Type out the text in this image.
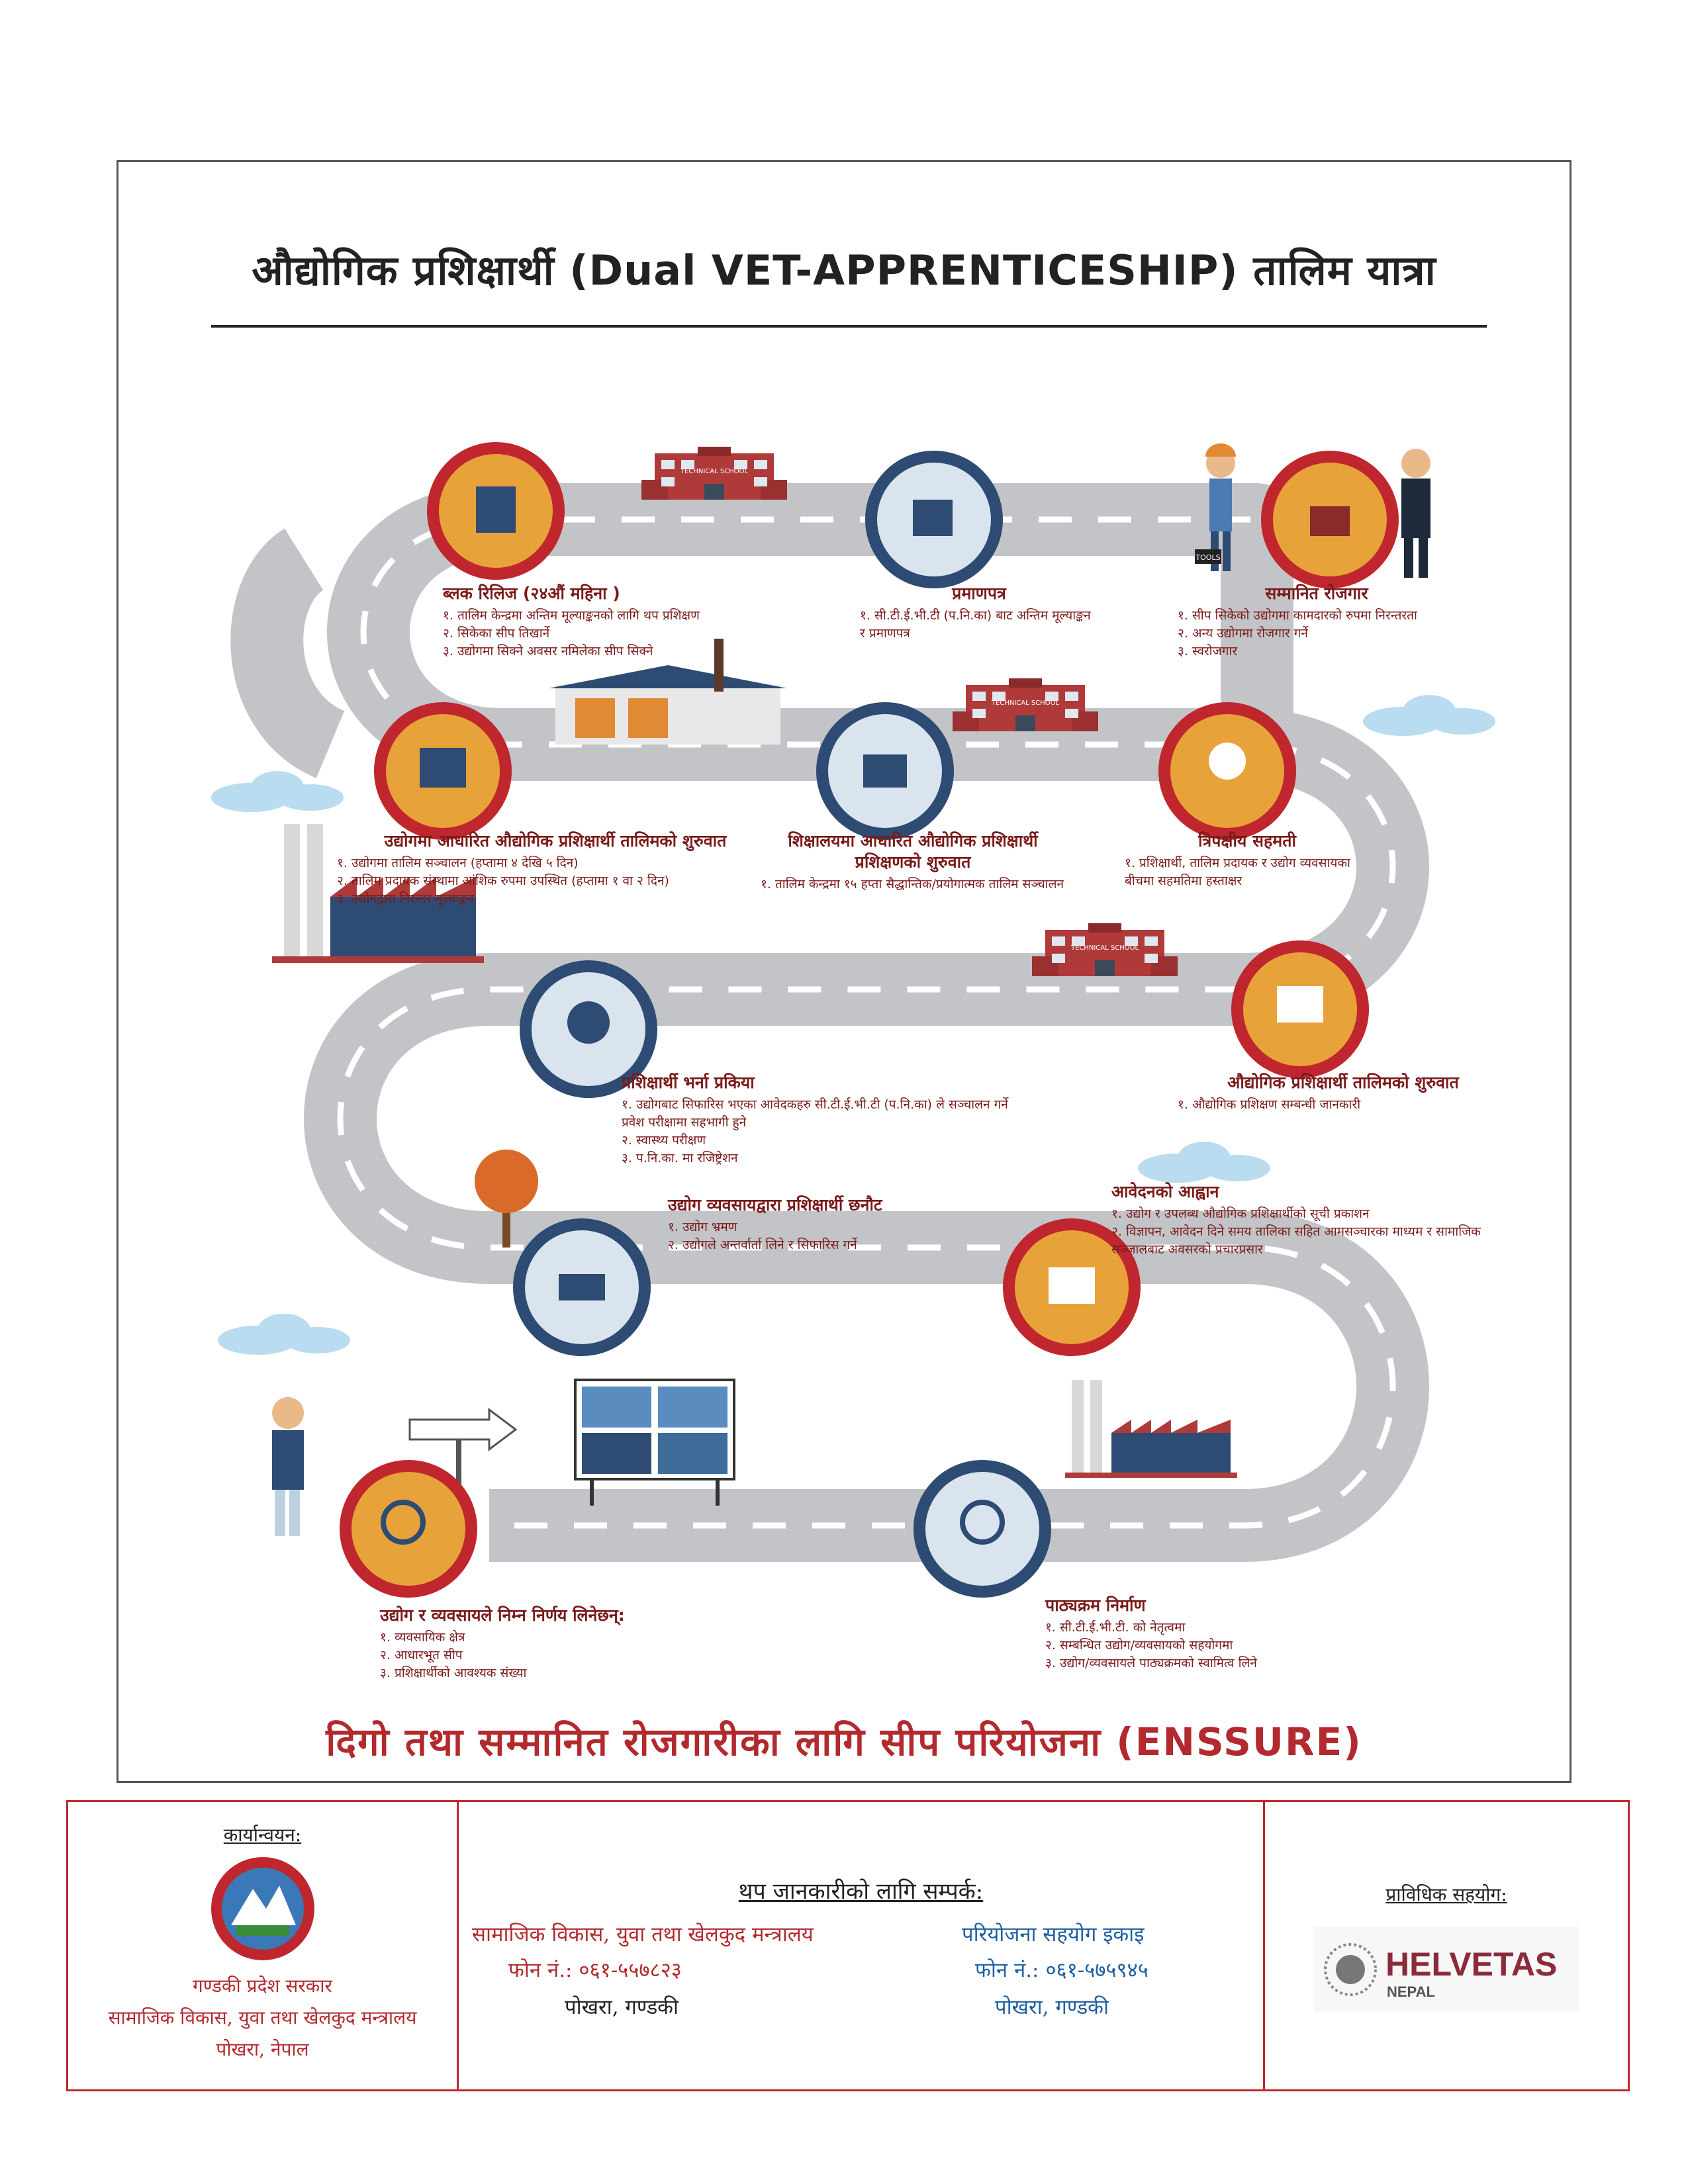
औद्योगिक प्रशिक्षार्थी (Dual VET-APPRENTICESHIP) तालिम यात्रा
TECHNICAL SCHOOL
TOOLS
ब्लक रिलिज (२४औं महिना )
१. तालिम केन्द्रमा अन्तिम मूल्याङ्कनको लागि थप प्रशिक्षण
२. सिकेका सीप तिखार्ने
३. उद्योगमा सिक्ने अवसर नमिलेका सीप सिक्ने
प्रमाणपत्र
१. सी.टी.ई.भी.टी (प.नि.का) बाट अन्तिम मूल्याङ्कन र प्रमाणपत्र
सम्मानित रोजगार
१. सीप सिकेको उद्योगमा कामदारको रुपमा निरन्तरता
२. अन्य उद्योगमा रोजगार गर्ने
३. स्वरोजगार
उद्योगमा आधारित औद्योगिक प्रशिक्षार्थी तालिमको शुरुवात
१. उद्योगमा तालिम सञ्चालन (हप्तामा ४ देखि ५ दिन)
२. तालिम प्रदायक संस्थामा आंशिक रुपमा उपस्थित (हप्तामा १ वा २ दिन)
३. उद्योगद्वारा निरन्तर मूल्याङ्कन
शिक्षालयमा आधारित औद्योगिक प्रशिक्षार्थी प्रशिक्षणको शुरुवात
१. तालिम केन्द्रमा १५ हप्ता सैद्धान्तिक/प्रयोगात्मक तालिम सञ्चालन
त्रिपक्षीय सहमती
१. प्रशिक्षार्थी, तालिम प्रदायक र उद्योग व्यवसायका बीचमा सहमतिमा हस्ताक्षर
प्रशिक्षार्थी भर्ना प्रकिया
१. उद्योगबाट सिफारिस भएका आवेदकहरु सी.टी.ई.भी.टी (प.नि.का) ले सञ्चालन गर्ने प्रवेश परीक्षामा सहभागी हुने
२. स्वास्थ्य परीक्षण
३. प.नि.का. मा रजिष्ट्रेशन
औद्योगिक प्रशिक्षार्थी तालिमको शुरुवात
१. औद्योगिक प्रशिक्षण सम्बन्धी जानकारी
उद्योग व्यवसायद्वारा प्रशिक्षार्थी छनौट
१. उद्योग भ्रमण
२. उद्योगले अन्तर्वार्ता लिने र सिफारिस गर्ने
आवेदनको आह्वान
१. उद्योग र उपलब्ध औद्योगिक प्रशिक्षार्थीको सूची प्रकाशन
२. विज्ञापन, आवेदन दिने समय तालिका सहित आमसञ्चारका माध्यम र सामाजिक सञ्जालबाट अवसरको प्रचारप्रसार
उद्योग र व्यवसायले निम्न निर्णय लिनेछन्:
१. व्यवसायिक क्षेत्र
२. आधारभूत सीप
३. प्रशिक्षार्थीको आवश्यक संख्या
पाठ्यक्रम निर्माण
१. सी.टी.ई.भी.टी. को नेतृत्वमा
२. सम्बन्धित उद्योग/व्यवसायको सहयोगमा
३. उद्योग/व्यवसायले पाठ्यक्रमको स्वामित्व लिने
दिगो तथा सम्मानित रोजगारीका लागि सीप परियोजना (ENSSURE)
कार्यान्वयन:
गण्डकी प्रदेश सरकार
सामाजिक विकास, युवा तथा खेलकुद मन्त्रालय
पोखरा, नेपाल
थप जानकारीको लागि सम्पर्क:
सामाजिक विकास, युवा तथा खेलकुद मन्त्रालय
फोन नं.: ०६१-५५७८२३
पोखरा, गण्डकी
परियोजना सहयोग इकाइ
फोन नं.: ०६१-५७५९४५
पोखरा, गण्डकी
प्राविधिक सहयोग:
HELVETAS
NEPAL
